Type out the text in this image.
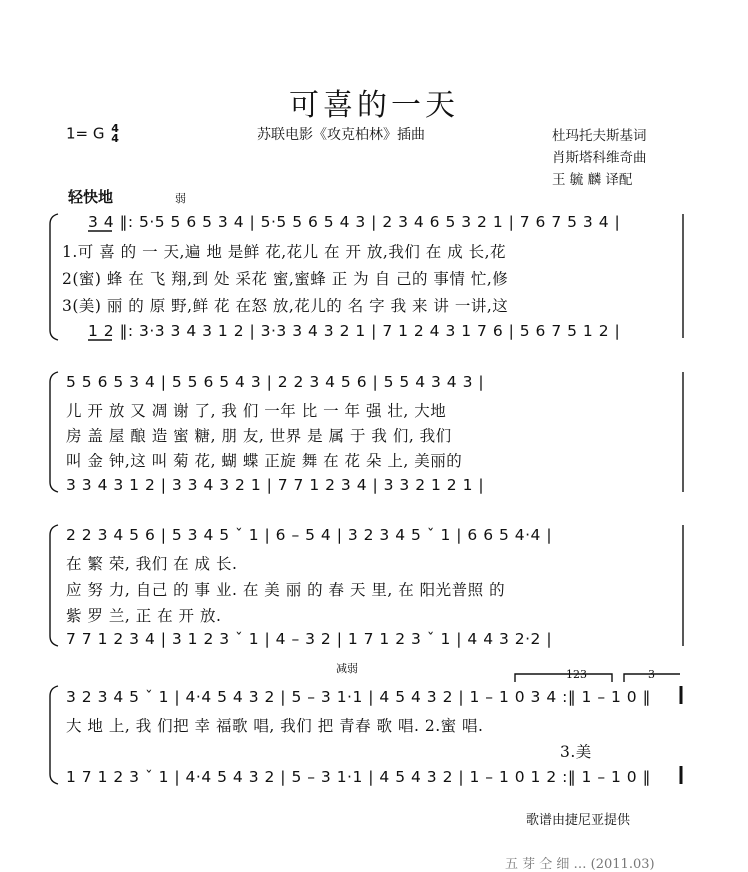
可喜的一天
1= G 4
4	苏联电影《攻克柏林》插曲	杜玛托夫斯基词
肖斯塔科维奇曲
王 毓 麟 译配
轻快地	弱
3 4 ‖: 5·5 5 6 5 3 4 | 5·5 5 6 5 4 3 | 2 3 4 6 5 3 2 1 | 7 6 7 5 3 4 |
1.可 喜 的 一 天,遍 地 是鲜 花,花儿 在 开 放,我们 在 成 长,花
2(蜜) 蜂 在 飞 翔,到 处 采花 蜜,蜜蜂 正 为 自 己的 事情 忙,修
3(美) 丽 的 原 野,鲜 花 在怒 放,花儿的 名 字 我 来 讲 一讲,这
1 2 ‖: 3·3 3 4 3 1 2 | 3·3 3 4 3 2 1 | 7 1 2 4 3 1 7 6 | 5 6 7 5 1 2 |
5 5 6 5 3 4 | 5 5 6 5 4 3 | 2 2 3 4 5 6 | 5 5 4 3 4 3 |
儿 开 放 又 凋 谢 了, 我 们 一年 比 一 年 强 壮, 大地
房 盖 屋 酿 造 蜜 糖, 朋 友, 世界 是 属 于 我 们, 我们
叫 金 钟,这 叫 菊 花, 蝴 蝶 正旋 舞 在 花 朵 上, 美丽的
3 3 4 3 1 2 | 3 3 4 3 2 1 | 7 7 1 2 3 4 | 3 3 2 1 2 1 |
2 2 3 4 5 6 | 5 3 4 5 ˇ 1 | 6 – 5 4 | 3 2 3 4 5 ˇ 1 | 6 6 5 4·4 |
在 繁 荣, 我们 在 成 长.
应 努 力, 自己 的 事 业. 在 美 丽 的 春 天 里, 在 阳光普照 的
紫 罗 兰, 正 在 开 放.
7 7 1 2 3 4 | 3 1 2 3 ˇ 1 | 4 – 3 2 | 1 7 1 2 3 ˇ 1 | 4 4 3 2·2 |
减弱	123	3
3 2 3 4 5 ˇ 1 | 4·4 5 4 3 2 | 5 – 3 1·1 | 4 5 4 3 2 | 1 – 1 0 3 4 :‖ 1 – 1 0 ‖
大 地 上, 我 们把 幸 福歌 唱, 我们 把 青春 歌 唱. 2.蜜 唱.
3.美
1 7 1 2 3 ˇ 1 | 4·4 5 4 3 2 | 5 – 3 1·1 | 4 5 4 3 2 | 1 – 1 0 1 2 :‖ 1 – 1 0 ‖
歌谱由捷尼亚提供
五 芽 仝 细 … (2011.03)
